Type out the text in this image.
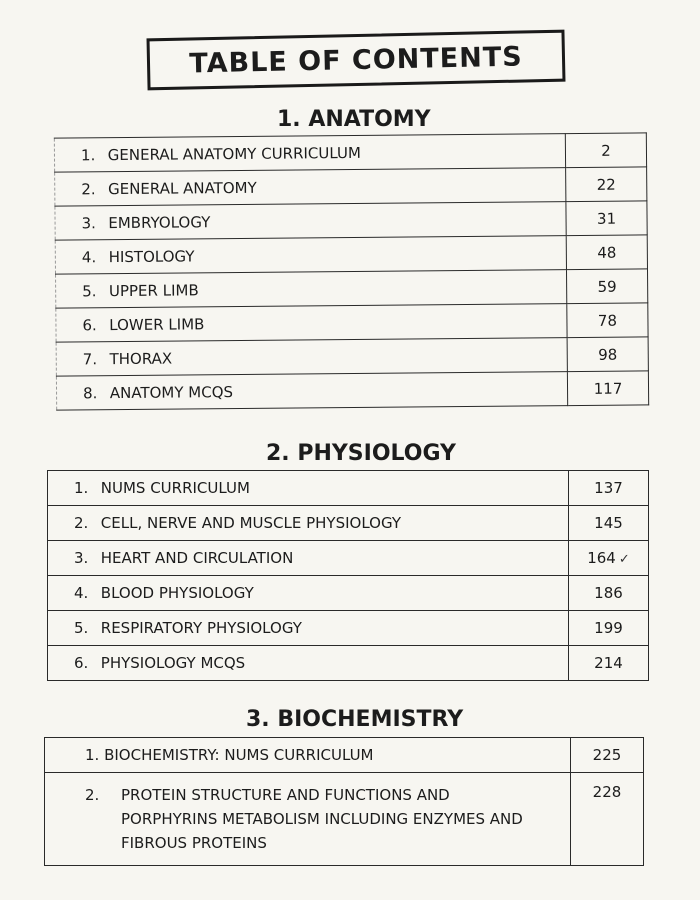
TABLE OF CONTENTS
1. ANATOMY
1. GENERAL ANATOMY CURRICULUM	2
2. GENERAL ANATOMY	22
3. EMBRYOLOGY	31
4. HISTOLOGY	48
5. UPPER LIMB	59
6. LOWER LIMB	78
7. THORAX	98
8. ANATOMY MCQS	117
2. PHYSIOLOGY
1. NUMS CURRICULUM	137
2. CELL, NERVE AND MUSCLE PHYSIOLOGY	145
3. HEART AND CIRCULATION	164 ✓
4. BLOOD PHYSIOLOGY	186
5. RESPIRATORY PHYSIOLOGY	199
6. PHYSIOLOGY MCQS	214
3. BIOCHEMISTRY
1. BIOCHEMISTRY: NUMS CURRICULUM	225

2. PROTEIN STRUCTURE AND FUNCTIONS AND
PORPHYRINS METABOLISM INCLUDING ENZYMES AND
FIBROUS PROTEINS	228
